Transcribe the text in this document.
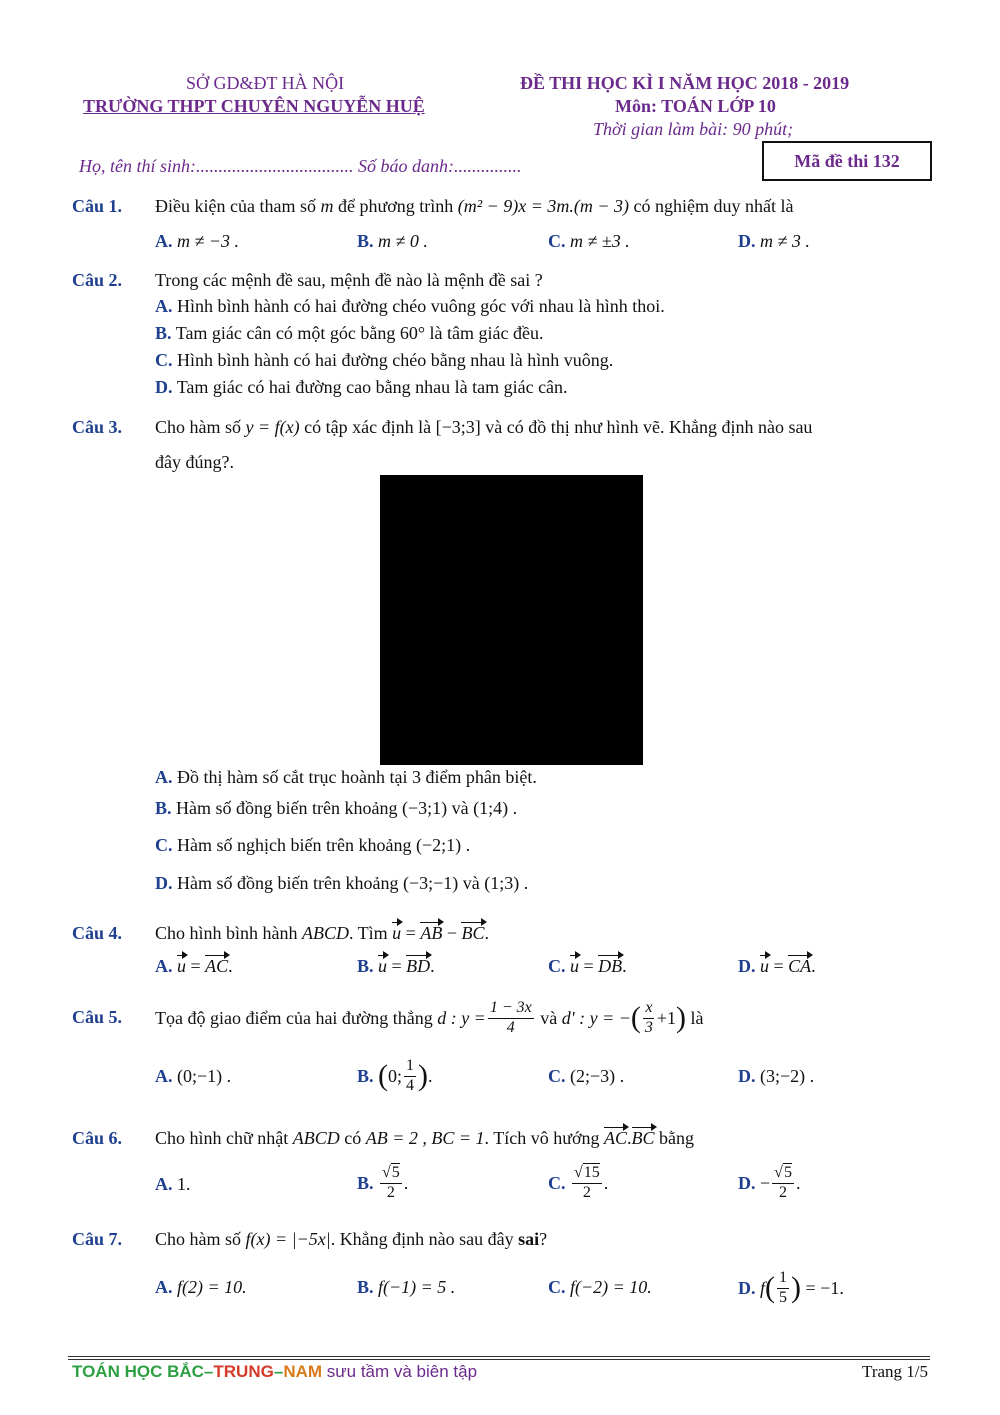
SỞ GD&ĐT HÀ NỘI
TRƯỜNG THPT CHUYÊN NGUYỄN HUỆ
ĐỀ THI HỌC KÌ I NĂM HỌC 2018 - 2019
Môn: TOÁN LỚP 10
Thời gian làm bài: 90 phút;
Họ, tên thí sinh:................................... Số báo danh:...............	Mã đề thi 132
Câu 1. Điều kiện của tham số m để phương trình (m² − 9)x = 3m.(m − 3) có nghiệm duy nhất là
A. m ≠ −3 .	B. m ≠ 0 .	C. m ≠ ±3 .	D. m ≠ 3 .
Câu 2. Trong các mệnh đề sau, mệnh đề nào là mệnh đề sai ?
A. Hình bình hành có hai đường chéo vuông góc với nhau là hình thoi.
B. Tam giác cân có một góc bằng 60° là tâm giác đều.
C. Hình bình hành có hai đường chéo bằng nhau là hình vuông.
D. Tam giác có hai đường cao bằng nhau là tam giác cân.
Câu 3. Cho hàm số y = f(x) có tập xác định là [−3;3] và có đồ thị như hình vẽ. Khẳng định nào sau
đây đúng?.
A. Đồ thị hàm số cắt trục hoành tại 3 điểm phân biệt.
B. Hàm số đồng biến trên khoảng (−3;1) và (1;4) .
C. Hàm số nghịch biến trên khoảng (−2;1) .
D. Hàm số đồng biến trên khoảng (−3;−1) và (1;3) .
Câu 4. Cho hình bình hành ABCD. Tìm u = AB − BC.
A. u = AC.	B. u = BD.	C. u = DB.	D. u = CA.
Câu 5. Tọa độ giao điểm của hai đường thẳng
d : $y = \frac{1 - 3x}{4}$
và
d' : y = − ( $\frac{x}{3} +1$ )
là
A. (0;−1) .	B.
( 0; $\frac{1}{4}$ ) .	C. (2;−3) .	D. (3;−2) .
Câu 6. Cho hình chữ nhật ABCD có AB = 2 , BC = 1. Tích vô hướng AC.BC bằng
A. 1.	B.
$\frac{√5}{2}$ .	C.
$\frac{√15}{2}$ .	D.
− $\frac{√5}{2}$ .
Câu 7. Cho hàm số f(x) = |−5x|. Khẳng định nào sau đây sai?
A. f(2) = 10.	B. f(−1) = 5 .	C. f(−2) = 10.	D.
f ( $\frac{1}{5}$ )
= −1.
TOÁN HỌC BẮC–TRUNG–NAM sưu tầm và biên tập	Trang 1/5
